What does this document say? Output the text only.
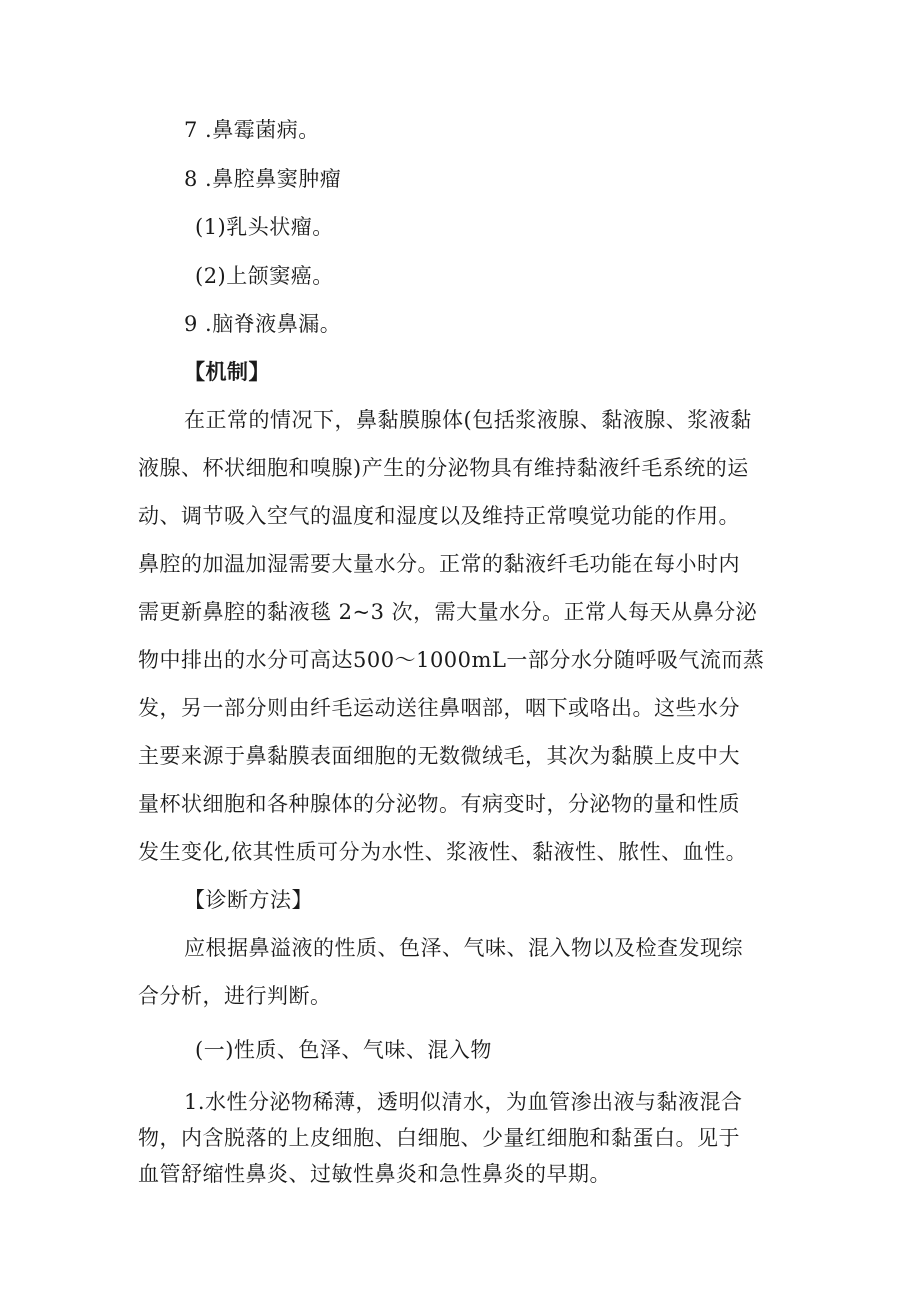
7 .鼻霉菌病。
8 .鼻腔鼻窦肿瘤
(1)乳头状瘤。
(2)上颌窦癌。
9 .脑脊液鼻漏。
【机制】
在正常的情况下，鼻黏膜腺体(包括浆液腺、黏液腺、浆液黏
液腺、杯状细胞和嗅腺)产生的分泌物具有维持黏液纤毛系统的运
动、调节吸入空气的温度和湿度以及维持正常嗅觉功能的作用。
鼻腔的加温加湿需要大量水分。正常的黏液纤毛功能在每小时内
需更新鼻腔的黏液毯 2~3 次，需大量水分。正常人每天从鼻分泌
物中排出的水分可高达500～1000mL一部分水分随呼吸气流而蒸
发，另一部分则由纤毛运动送往鼻咽部，咽下或咯出。这些水分
主要来源于鼻黏膜表面细胞的无数微绒毛，其次为黏膜上皮中大
量杯状细胞和各种腺体的分泌物。有病变时，分泌物的量和性质
发生变化,依其性质可分为水性、浆液性、黏液性、脓性、血性。
【诊断方法】
应根据鼻溢液的性质、色泽、气味、混入物以及检查发现综
合分析，进行判断。
(一)性质、色泽、气味、混入物
1.水性分泌物稀薄，透明似清水，为血管渗出液与黏液混合
物，内含脱落的上皮细胞、白细胞、少量红细胞和黏蛋白。见于
血管舒缩性鼻炎、过敏性鼻炎和急性鼻炎的早期。
